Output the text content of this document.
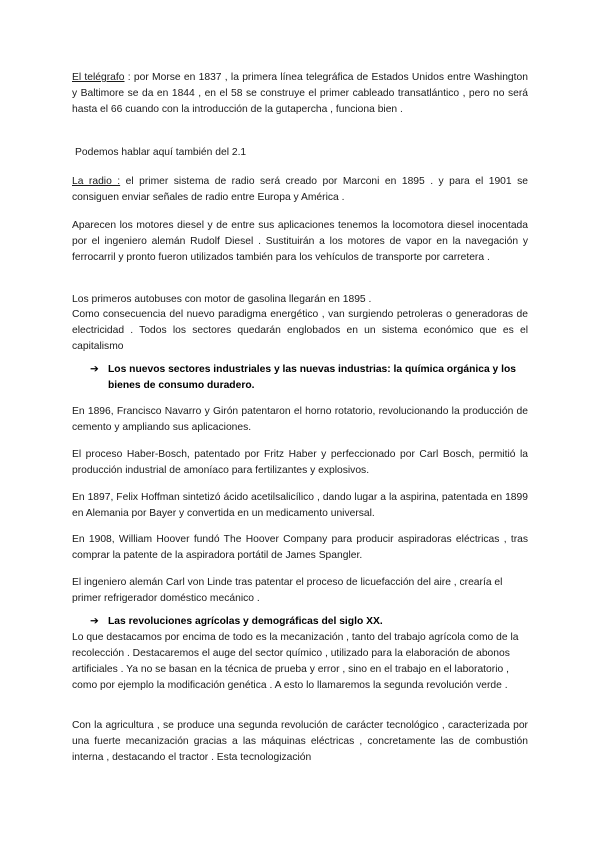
El telégrafo : por Morse en 1837 , la primera línea telegráfica de Estados Unidos entre Washington y Baltimore se da en 1844 , en el 58 se construye el primer cableado transatlántico , pero no será hasta el 66 cuando con la introducción de la gutapercha , funciona bien .

Podemos hablar aquí también del 2.1

La radio : el primer sistema de radio será creado por Marconi en 1895 . y para el 1901 se consiguen enviar señales de radio entre Europa y América .

Aparecen los motores diesel y de entre sus aplicaciones tenemos la locomotora diesel inocentada por el ingeniero alemán Rudolf Diesel . Sustituirán a los motores de vapor en la navegación y ferrocarril y pronto fueron utilizados también para los vehículos de transporte por carretera .

Los primeros autobuses con motor de gasolina llegarán en 1895 .

Como consecuencia del nuevo paradigma energético , van surgiendo petroleras o generadoras de electricidad . Todos los sectores quedarán englobados en un sistema económico que es el capitalismo

➔ Los nuevos sectores industriales y las nuevas industrias: la química orgánica y los bienes de consumo duradero.

En 1896, Francisco Navarro y Girón patentaron el horno rotatorio, revolucionando la producción de cemento y ampliando sus aplicaciones.

El proceso Haber-Bosch, patentado por Fritz Haber y perfeccionado por Carl Bosch, permitió la producción industrial de amoníaco para fertilizantes y explosivos.

En 1897, Felix Hoffman sintetizó ácido acetilsalicílico , dando lugar a la aspirina, patentada en 1899 en Alemania por Bayer y convertida en un medicamento universal.

En 1908, William Hoover fundó The Hoover Company para producir aspiradoras eléctricas , tras comprar la patente de la aspiradora portátil de James Spangler.

El ingeniero alemán Carl von Linde tras patentar el proceso de licuefacción del aire , crearía el primer refrigerador doméstico mecánico .

➔ Las revoluciones agrícolas y demográficas del siglo XX.

Lo que destacamos por encima de todo es la mecanización , tanto del trabajo agrícola como de la recolección . Destacaremos el auge del sector químico , utilizado para la elaboración de abonos artificiales . Ya no se basan en la técnica de prueba y error , sino en el trabajo en el laboratorio , como por ejemplo la modificación genética . A esto lo llamaremos la segunda revolución verde .

Con la agricultura , se produce una segunda revolución de carácter tecnológico , caracterizada por una fuerte mecanización gracias a las máquinas eléctricas , concretamente las de combustión interna , destacando el tractor . Esta tecnologización
